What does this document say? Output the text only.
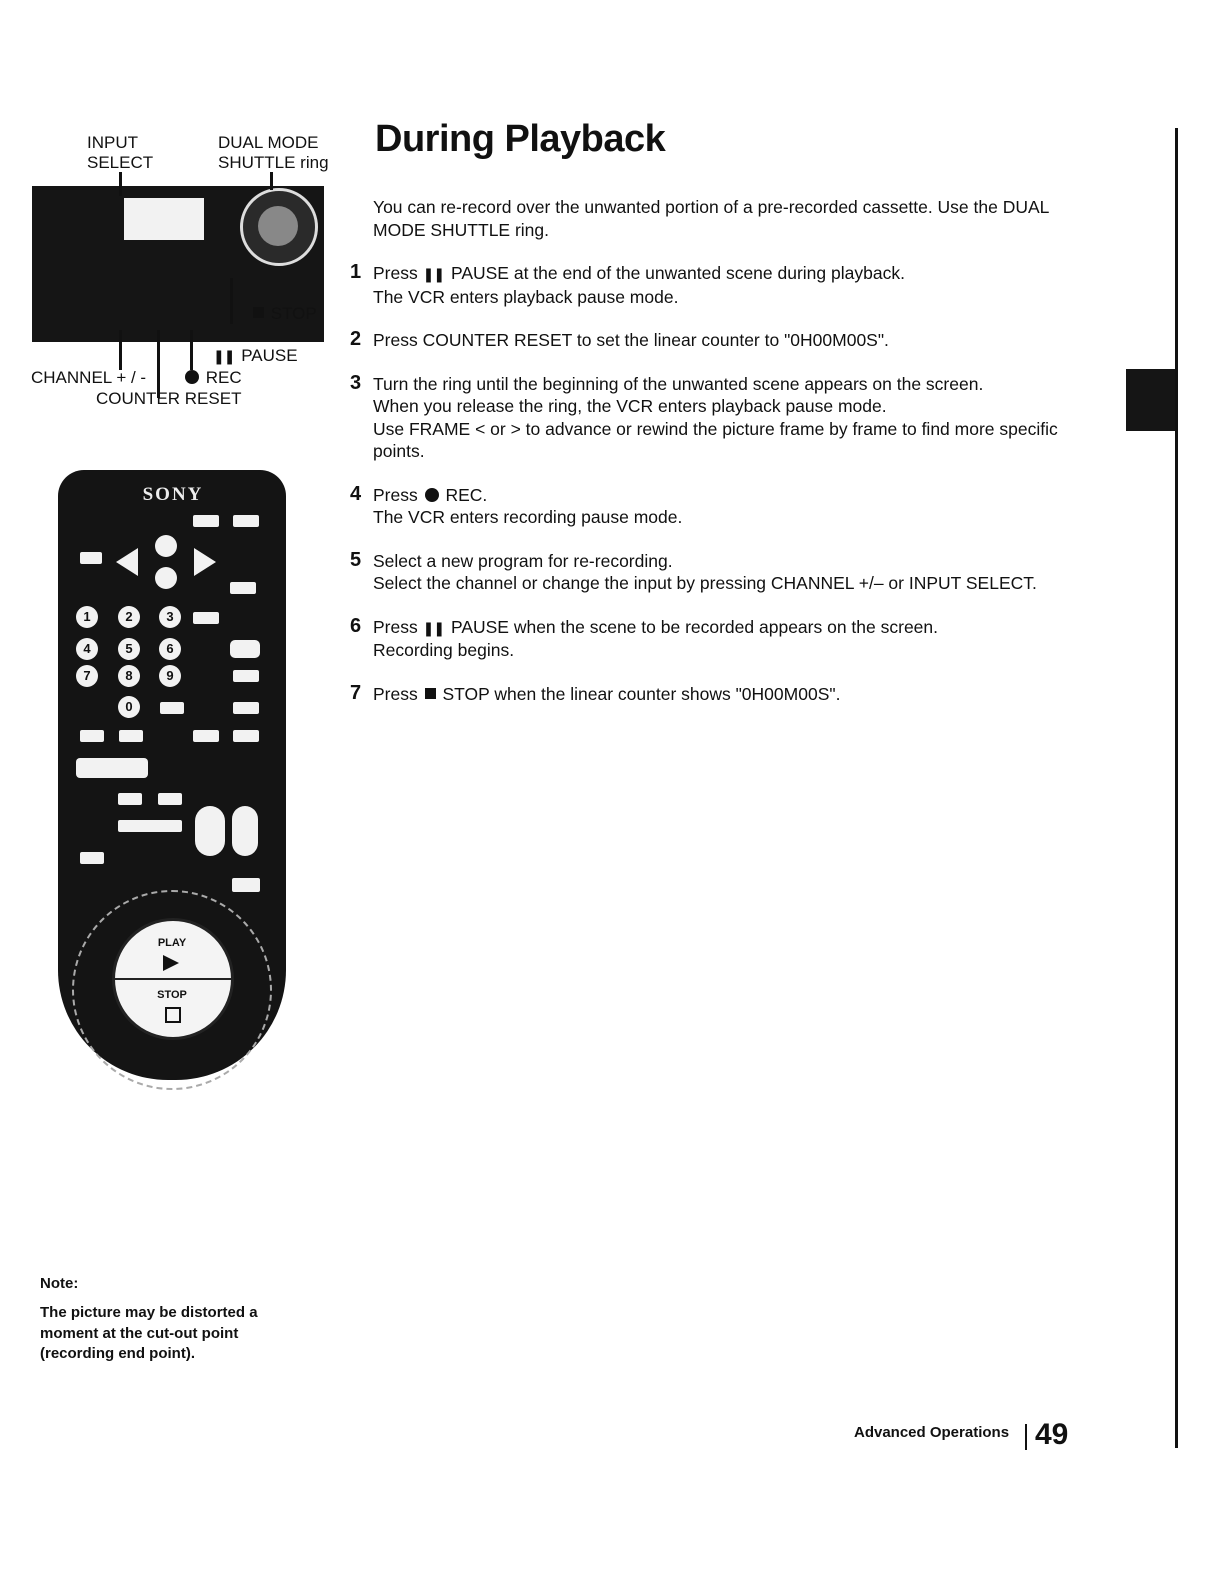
INPUT
SELECT
DUAL MODE
SHUTTLE ring
STOP
❚❚ PAUSE
CHANNEL + / -	REC
COUNTER RESET
SONY
1	2	3
4	5	6
7	8	9
0
PLAY
STOP
During Playback
You can re-record over the unwanted portion of a pre-recorded cassette. Use the DUAL MODE SHUTTLE ring.
1 Press ❚❚ PAUSE at the end of the unwanted scene during playback.
The VCR enters playback pause mode.
2 Press COUNTER RESET to set the linear counter to "0H00M00S".
3 Turn the ring until the beginning of the unwanted scene appears on the screen.
When you release the ring, the VCR enters playback pause mode.
Use FRAME < or > to advance or rewind the picture frame by frame to find more specific points.
4 Press  REC.
The VCR enters recording pause mode.
5 Select a new program for re-recording.
Select the channel or change the input by pressing CHANNEL +/– or INPUT SELECT.
6 Press ❚❚ PAUSE when the scene to be recorded appears on the screen.
Recording begins.
7 Press  STOP when the linear counter shows "0H00M00S".
Note:
The picture may be distorted a moment at the cut-out point (recording end point).
Advanced Operations 49
